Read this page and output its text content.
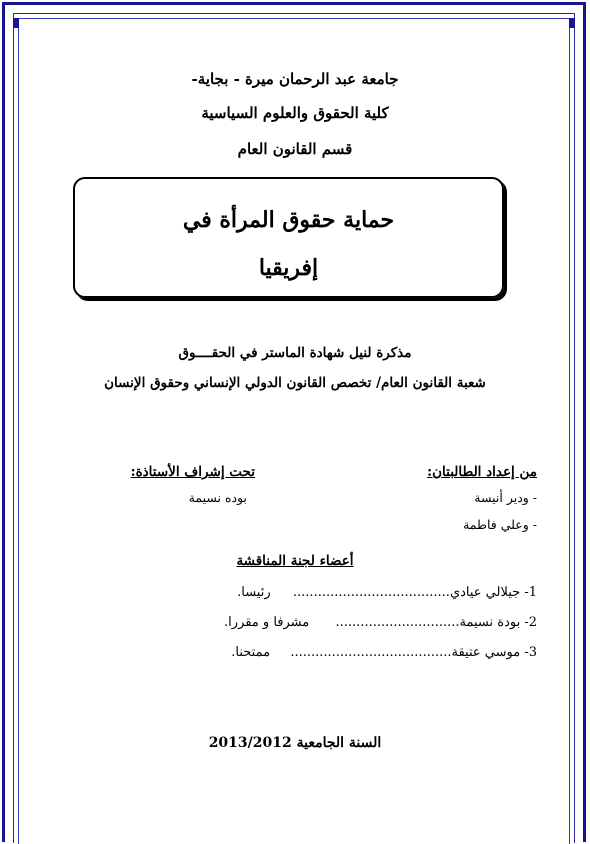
جامعة عبد الرحمان ميرة - بجاية-
كلية الحقوق والعلوم السياسية
قسم القانون العام
حماية حقوق المرأة في
إفريقيا
مذكرة لنيل شهادة الماستر في الحقــــوق
شعبة القانون العام/ تخصص القانون الدولي الإنساني وحقوق الإنسان
من إعداد الطالبتان:
- ودير أنيسة
- وعلي فاطمة
تحت إشراف الأستاذة:
بوده نسيمة
أعضاء لجنة المناقشة
1- جيلالي عيادي......................................  رئيسا.
2- بودة نسيمة..............................  مشرفا و مقررا.
3- موسي عتيقة.......................................  ممتحنا.
السنة الجامعية 2013/2012
